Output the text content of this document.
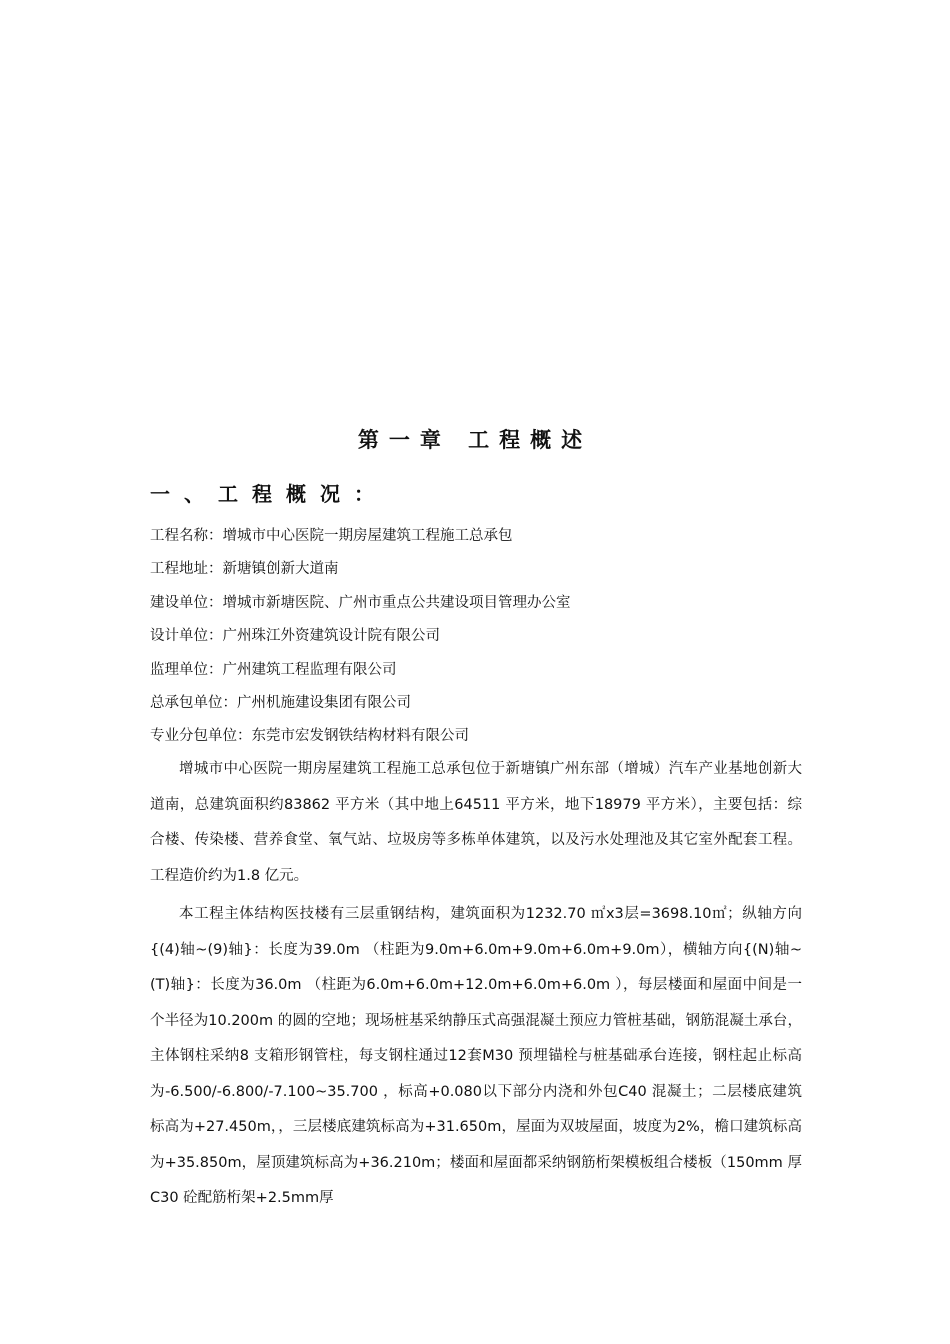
第一章 工程概述
一、工程概况：
工程名称：增城市中心医院一期房屋建筑工程施工总承包
工程地址：新塘镇创新大道南
建设单位：增城市新塘医院、广州市重点公共建设项目管理办公室
设计单位：广州珠江外资建筑设计院有限公司
监理单位：广州建筑工程监理有限公司
总承包单位：广州机施建设集团有限公司
专业分包单位：东莞市宏发钢铁结构材料有限公司

增城市中心医院一期房屋建筑工程施工总承包位于新塘镇广州东部（增城）汽车产业基地创新大道南，总建筑面积约83862 平方米（其中地上64511 平方米，地下18979 平方米），主要包括：综合楼、传染楼、营养食堂、氧气站、垃圾房等多栋单体建筑，以及污水处理池及其它室外配套工程。工程造价约为1.8 亿元。

本工程主体结构医技楼有三层重钢结构，建筑面积为1232.70 ㎡x3层=3698.10㎡；纵轴方向{(4)轴~(9)轴}：长度为39.0m （柱距为9.0m+6.0m+9.0m+6.0m+9.0m），横轴方向{(N)轴~(T)轴}：长度为36.0m （柱距为6.0m+6.0m+12.0m+6.0m+6.0m ），每层楼面和屋面中间是一个半径为10.200m 的圆的空地；现场桩基采纳静压式高强混凝土预应力管桩基础，钢筋混凝土承台，主体钢柱采纳8 支箱形钢管柱，每支钢柱通过12套M30 预埋锚栓与桩基础承台连接，钢柱起止标高为-6.500/-6.800/-7.100~35.700 ，标高+0.080以下部分内浇和外包C40 混凝土；二层楼底建筑标高为+27.450m，，三层楼底建筑标高为+31.650m，屋面为双坡屋面，坡度为2%，檐口建筑标高为+35.850m，屋顶建筑标高为+36.210m；楼面和屋面都采纳钢筋桁架模板组合楼板（150mm 厚C30 砼配筋桁架+2.5mm厚
